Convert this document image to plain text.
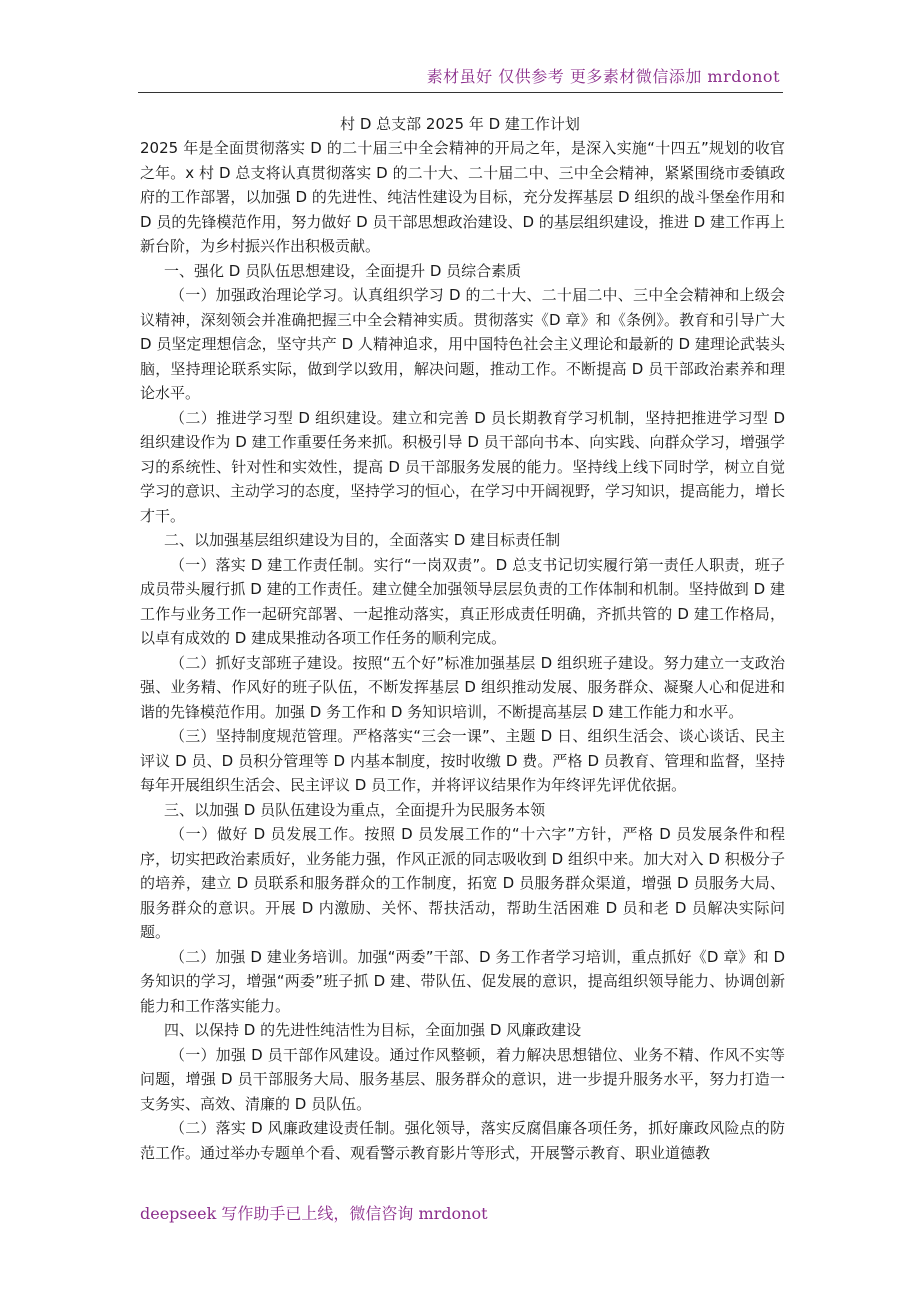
素材虽好 仅供参考 更多素材微信添加 mrdonot
村 D 总支部 2025 年 D 建工作计划

2025 年是全面贯彻落实 D 的二十届三中全会精神的开局之年，是深入实施“十四五”规划的收官之年。x 村 D 总支将认真贯彻落实 D 的二十大、二十届二中、三中全会精神，紧紧围绕市委镇政府的工作部署，以加强 D 的先进性、纯洁性建设为目标，充分发挥基层 D 组织的战斗堡垒作用和 D 员的先锋模范作用，努力做好 D 员干部思想政治建设、D 的基层组织建设，推进 D 建工作再上新台阶，为乡村振兴作出积极贡献。

一、强化 D 员队伍思想建设，全面提升 D 员综合素质

（一）加强政治理论学习。认真组织学习 D 的二十大、二十届二中、三中全会精神和上级会议精神，深刻领会并准确把握三中全会精神实质。贯彻落实《D 章》和《条例》。教育和引导广大 D 员坚定理想信念，坚守共产 D 人精神追求，用中国特色社会主义理论和最新的 D 建理论武装头脑，坚持理论联系实际，做到学以致用，解决问题，推动工作。不断提高 D 员干部政治素养和理论水平。

（二）推进学习型 D 组织建设。建立和完善 D 员长期教育学习机制，坚持把推进学习型 D 组织建设作为 D 建工作重要任务来抓。积极引导 D 员干部向书本、向实践、向群众学习，增强学习的系统性、针对性和实效性，提高 D 员干部服务发展的能力。坚持线上线下同时学，树立自觉学习的意识、主动学习的态度，坚持学习的恒心，在学习中开阔视野，学习知识，提高能力，增长才干。

二、以加强基层组织建设为目的，全面落实 D 建目标责任制

（一）落实 D 建工作责任制。实行“一岗双责”。D 总支书记切实履行第一责任人职责，班子成员带头履行抓 D 建的工作责任。建立健全加强领导层层负责的工作体制和机制。坚持做到 D 建工作与业务工作一起研究部署、一起推动落实，真正形成责任明确，齐抓共管的 D 建工作格局，以卓有成效的 D 建成果推动各项工作任务的顺利完成。

（二）抓好支部班子建设。按照“五个好”标准加强基层 D 组织班子建设。努力建立一支政治强、业务精、作风好的班子队伍，不断发挥基层 D 组织推动发展、服务群众、凝聚人心和促进和谐的先锋模范作用。加强 D 务工作和 D 务知识培训，不断提高基层 D 建工作能力和水平。

（三）坚持制度规范管理。严格落实“三会一课”、主题 D 日、组织生活会、谈心谈话、民主评议 D 员、D 员积分管理等 D 内基本制度，按时收缴 D 费。严格 D 员教育、管理和监督，坚持每年开展组织生活会、民主评议 D 员工作，并将评议结果作为年终评先评优依据。

三、以加强 D 员队伍建设为重点，全面提升为民服务本领

（一）做好 D 员发展工作。按照 D 员发展工作的“十六字”方针，严格 D 员发展条件和程序，切实把政治素质好，业务能力强，作风正派的同志吸收到 D 组织中来。加大对入 D 积极分子的培养，建立 D 员联系和服务群众的工作制度，拓宽 D 员服务群众渠道，增强 D 员服务大局、服务群众的意识。开展 D 内激励、关怀、帮扶活动，帮助生活困难 D 员和老 D 员解决实际问题。

（二）加强 D 建业务培训。加强“两委”干部、D 务工作者学习培训，重点抓好《D 章》和 D 务知识的学习，增强“两委”班子抓 D 建、带队伍、促发展的意识，提高组织领导能力、协调创新能力和工作落实能力。

四、以保持 D 的先进性纯洁性为目标，全面加强 D 风廉政建设

（一）加强 D 员干部作风建设。通过作风整顿，着力解决思想错位、业务不精、作风不实等问题，增强 D 员干部服务大局、服务基层、服务群众的意识，进一步提升服务水平，努力打造一支务实、高效、清廉的 D 员队伍。

（二）落实 D 风廉政建设责任制。强化领导，落实反腐倡廉各项任务，抓好廉政风险点的防范工作。通过举办专题单个看、观看警示教育影片等形式，开展警示教育、职业道德教

deepseek 写作助手已上线，微信咨询 mrdonot
